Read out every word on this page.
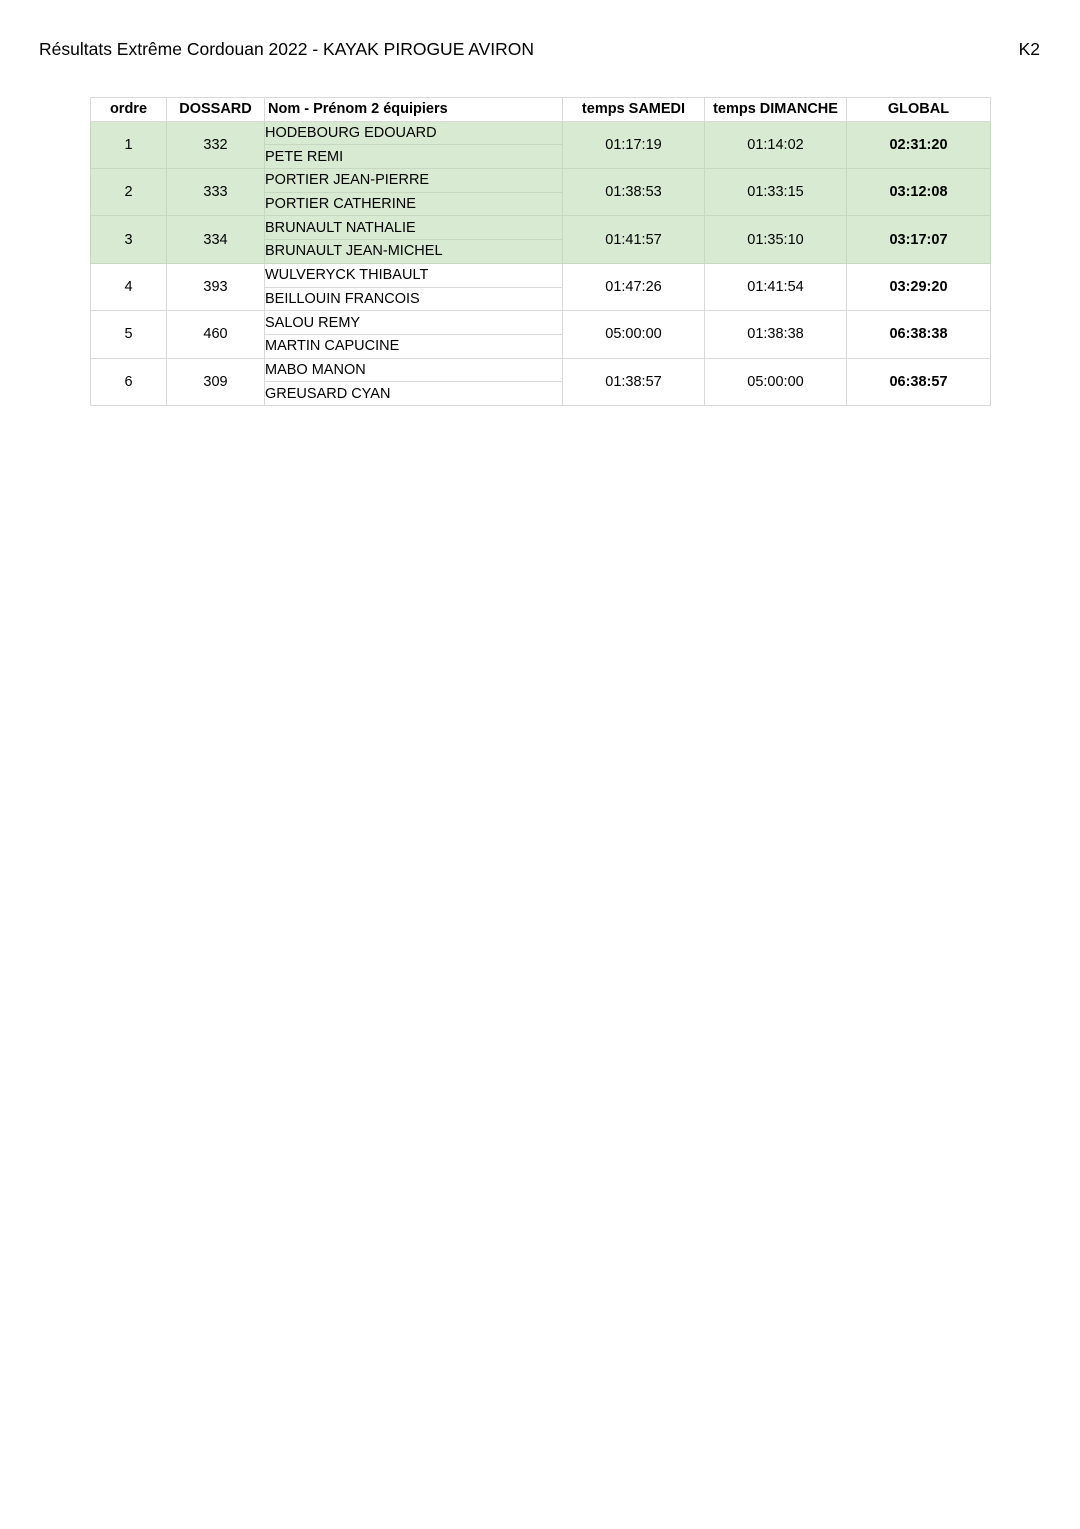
Résultats Extrême Cordouan 2022 - KAYAK PIROGUE AVIRON	K2
ordre	DOSSARD	Nom - Prénom 2 équipiers	temps SAMEDI	temps DIMANCHE	GLOBAL
1	332	HODEBOURG EDOUARD	01:17:19	01:14:02	02:31:20
		PETE REMI			
2	333	PORTIER JEAN-PIERRE	01:38:53	01:33:15	03:12:08
		PORTIER CATHERINE			
3	334	BRUNAULT NATHALIE	01:41:57	01:35:10	03:17:07
		BRUNAULT JEAN-MICHEL			
4	393	WULVERYCK THIBAULT	01:47:26	01:41:54	03:29:20
		BEILLOUIN FRANCOIS			
5	460	SALOU REMY	05:00:00	01:38:38	06:38:38
		MARTIN CAPUCINE			
6	309	MABO MANON	01:38:57	05:00:00	06:38:57
		GREUSARD CYAN			
